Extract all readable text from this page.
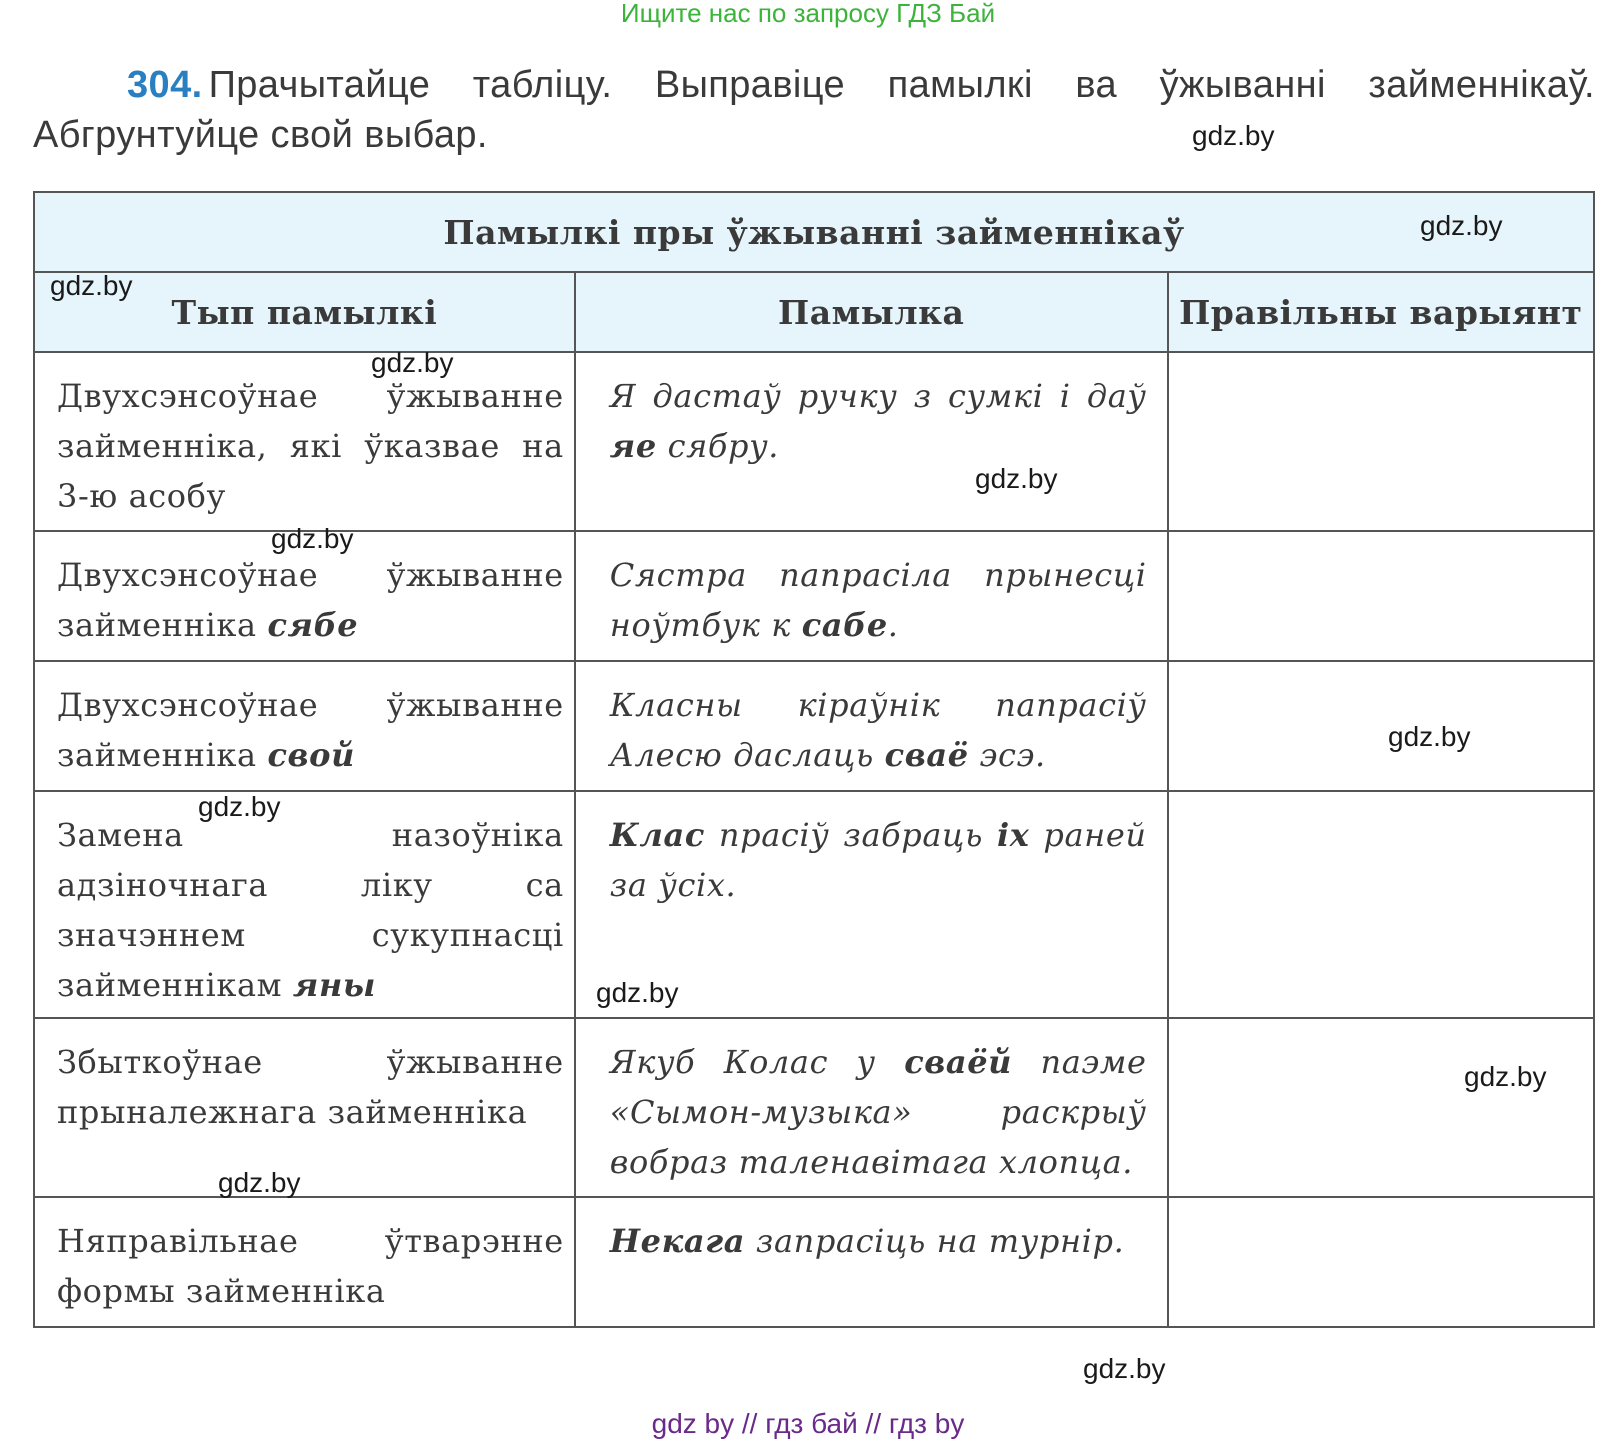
Ищите нас по запросу ГДЗ Бай
304. Прачытайце табліцу. Выправіце памылкі ва ўжыванні займеннікаў. Абгрунтуйце свой выбар.
Памылкі пры ўжыванні займеннікаў		
Тып памылкі	Памылка	Правільны варыянт
Двухсэнсоўнае ўжыванне займенніка, які ўказвае на 3-ю асобу	Я дастаў ручку з сумкі і даў яе сябру.	
Двухсэнсоўнае ўжыванне займенніка сябе	Сястра папрасіла прынесці ноўтбук к сабе.	
Двухсэнсоўнае ўжыванне займенніка свой	Класны кіраўнік папрасіў Алесю даслаць сваё эсэ.	
Замена назоўніка адзіночнага ліку са значэннем сукупнасці займеннікам яны	Клас прасіў забраць іх раней за ўсіх.	
Збыткоўнае ўжыванне прыналежнага займенніка	Якуб Колас у сваёй паэме «Сымон-музыка» раскрыў вобраз таленавітага хлопца.	
Няправільнае ўтварэнне формы займенніка	Некага запрасіць на турнір.	
gdz.by
gdz.by
gdz.by
gdz.by
gdz.by
gdz.by
gdz.by
gdz.by
gdz.by
gdz.by
gdz.by
gdz.by
gdz by // гдз бай // гдз by
